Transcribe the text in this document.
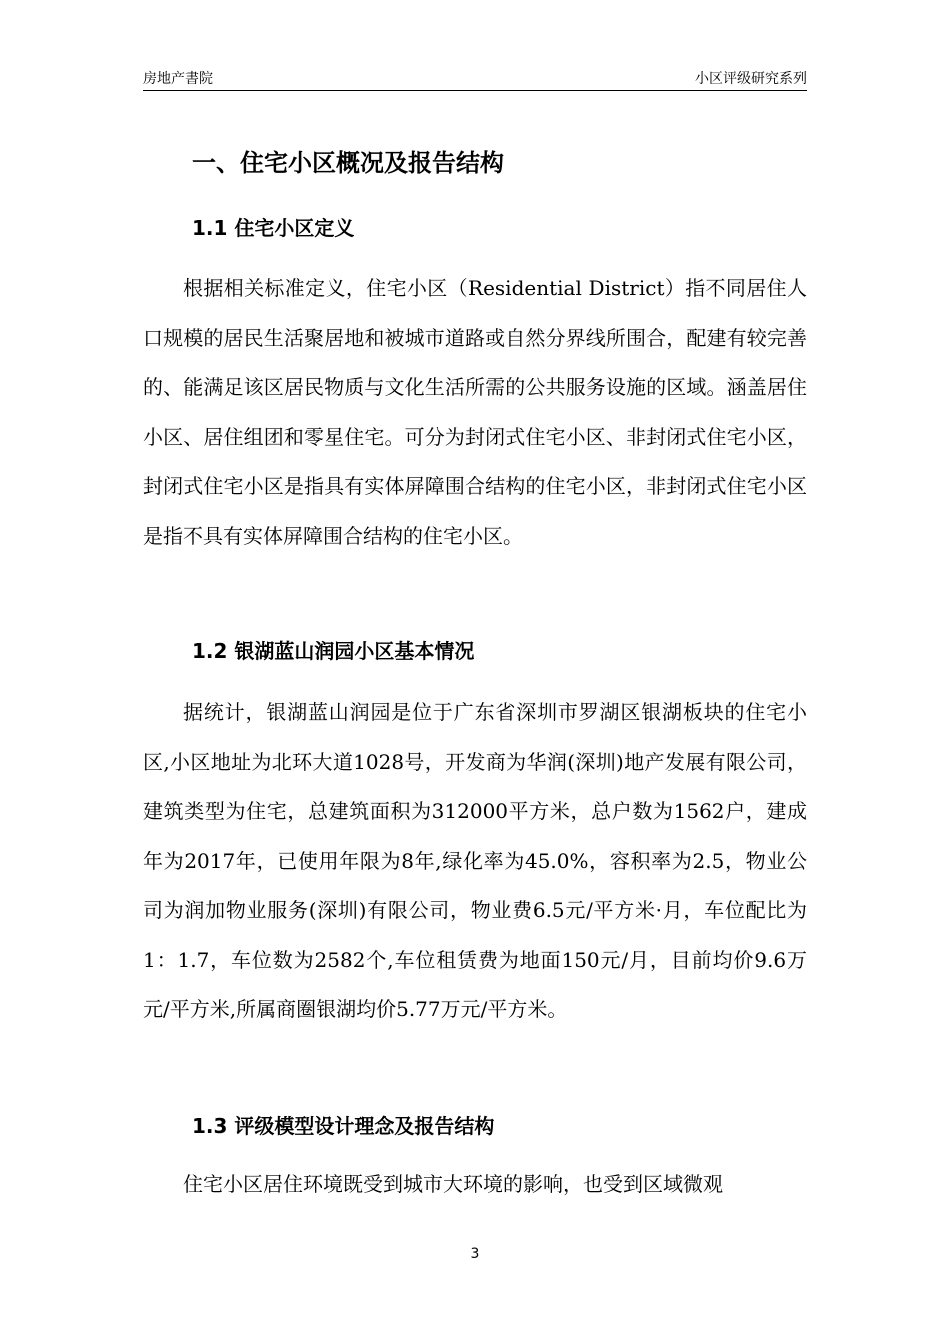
房地产書院	小区评级研究系列
一、住宅小区概况及报告结构
1.1 住宅小区定义

根据相关标准定义，住宅小区（Residential District）指不同居住人口规模的居民生活聚居地和被城市道路或自然分界线所围合，配建有较完善的、能满足该区居民物质与文化生活所需的公共服务设施的区域。涵盖居住小区、居住组团和零星住宅。可分为封闭式住宅小区、非封闭式住宅小区，封闭式住宅小区是指具有实体屏障围合结构的住宅小区，非封闭式住宅小区是指不具有实体屏障围合结构的住宅小区。

1.2 银湖蓝山润园小区基本情况

据统计，银湖蓝山润园是位于广东省深圳市罗湖区银湖板块的住宅小区,小区地址为北环大道1028号，开发商为华润(深圳)地产发展有限公司，建筑类型为住宅，总建筑面积为312000平方米，总户数为1562户，建成年为2017年，已使用年限为8年,绿化率为45.0%，容积率为2.5，物业公司为润加物业服务(深圳)有限公司，物业费6.5元/平方米·月，车位配比为1：1.7，车位数为2582个,车位租赁费为地面150元/月，目前均价9.6万元/平方米,所属商圈银湖均价5.77万元/平方米。

1.3 评级模型设计理念及报告结构

住宅小区居住环境既受到城市大环境的影响，也受到区域微观

3
